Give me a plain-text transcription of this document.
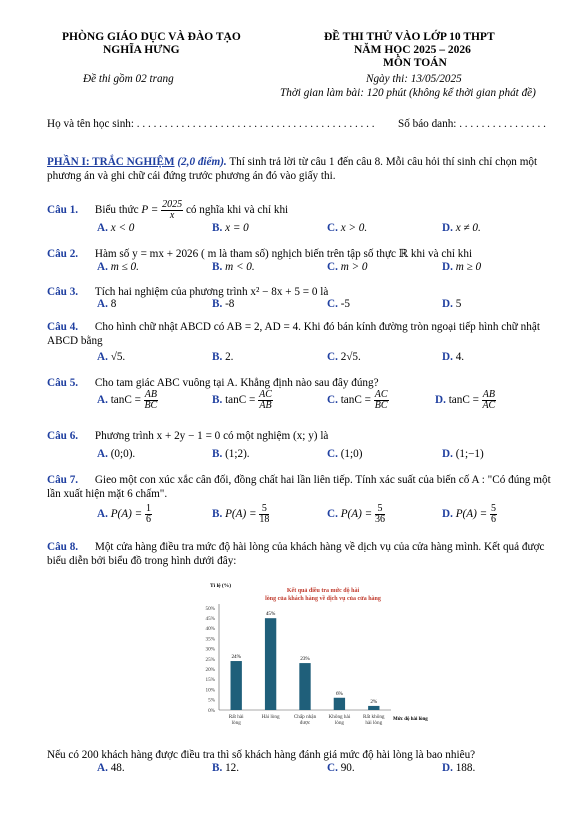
PHÒNG GIÁO DỤC VÀ ĐÀO TẠO
NGHĨA HƯNG
Đề thi gồm 02 trang
ĐỀ THI THỬ VÀO LỚP 10 THPT
NĂM HỌC 2025 – 2026
MÔN TOÁN
Ngày thi: 13/05/2025
Thời gian làm bài: 120 phút (không kể thời gian phát đề)
Họ và tên học sinh: . . . . . . . . . . . . . . . . . . . . . . . . . . . . . . . . . . . . . . . . . . . Số báo danh: . . . . . . . . . . . . . . . .
PHẦN I: TRẮC NGHIỆM (2,0 điểm). Thí sinh trả lời từ câu 1 đến câu 8. Mỗi câu hỏi thí sinh chỉ chọn một phương án và ghi chữ cái đứng trước phương án đó vào giấy thi.
Câu 1. Biểu thức $P = \frac{2025}{x}$ có nghĩa khi và chỉ khi
A. x < 0	B. x = 0	C. x > 0.	D. x ≠ 0.
Câu 2. Hàm số y = mx + 2026 ( m là tham số) nghịch biến trên tập số thực ℝ khi và chỉ khi
A. m ≤ 0.	B. m < 0.	C. m > 0	D. m ≥ 0
Câu 3. Tích hai nghiệm của phương trình x² − 8x + 5 = 0 là
A. 8	B. -8	C. -5	D. 5
Câu 4. Cho hình chữ nhật ABCD có AB = 2, AD = 4. Khi đó bán kính đường tròn ngoại tiếp hình chữ nhật ABCD bằng
A. √5.	B. 2.	C. 2√5.	D. 4.
Câu 5. Cho tam giác ABC vuông tại A. Khẳng định nào sau đây đúng?
A. $\tan C = \frac{AB}{BC}$	B. $\tan C = \frac{AC}{AB}$	C. $\tan C = \frac{AC}{BC}$	D. $\tan C = \frac{AB}{AC}$
Câu 6. Phương trình x + 2y − 1 = 0 có một nghiệm (x; y) là
A. (0;0).	B. (1;2).	C. (1;0)	D. (1;−1)
Câu 7. Gieo một con xúc xắc cân đối, đồng chất hai lần liên tiếp. Tính xác suất của biến cố A : "Có đúng một lần xuất hiện mặt 6 chấm".
A. $P(A) = \frac{1}{6}$	B. $P(A) = \frac{5}{18}$	C. $P(A) = \frac{5}{36}$	D. $P(A) = \frac{5}{6}$
Câu 8. Một cửa hàng điều tra mức độ hài lòng của khách hàng về dịch vụ của cửa hàng mình. Kết quả được biểu diễn bởi biểu đồ trong hình dưới đây:
Tỉ lệ (%)
Kết quả điều tra mức độ hài
lòng của khách hàng về dịch vụ của cửa hàng
0%
5%
10%
15%
20%
25%
30%
35%
40%
45%
50%
24%
Rất hài
lòng
45%
Hài lòng
23%
Chấp nhận
được
6%
Không hài
lòng
2%
Rất không
hài lòng
Mức độ hài lòng
Nếu có 200 khách hàng được điều tra thì số khách hàng đánh giá mức độ hài lòng là bao nhiêu?
A. 48.	B. 12.	C. 90.	D. 188.
